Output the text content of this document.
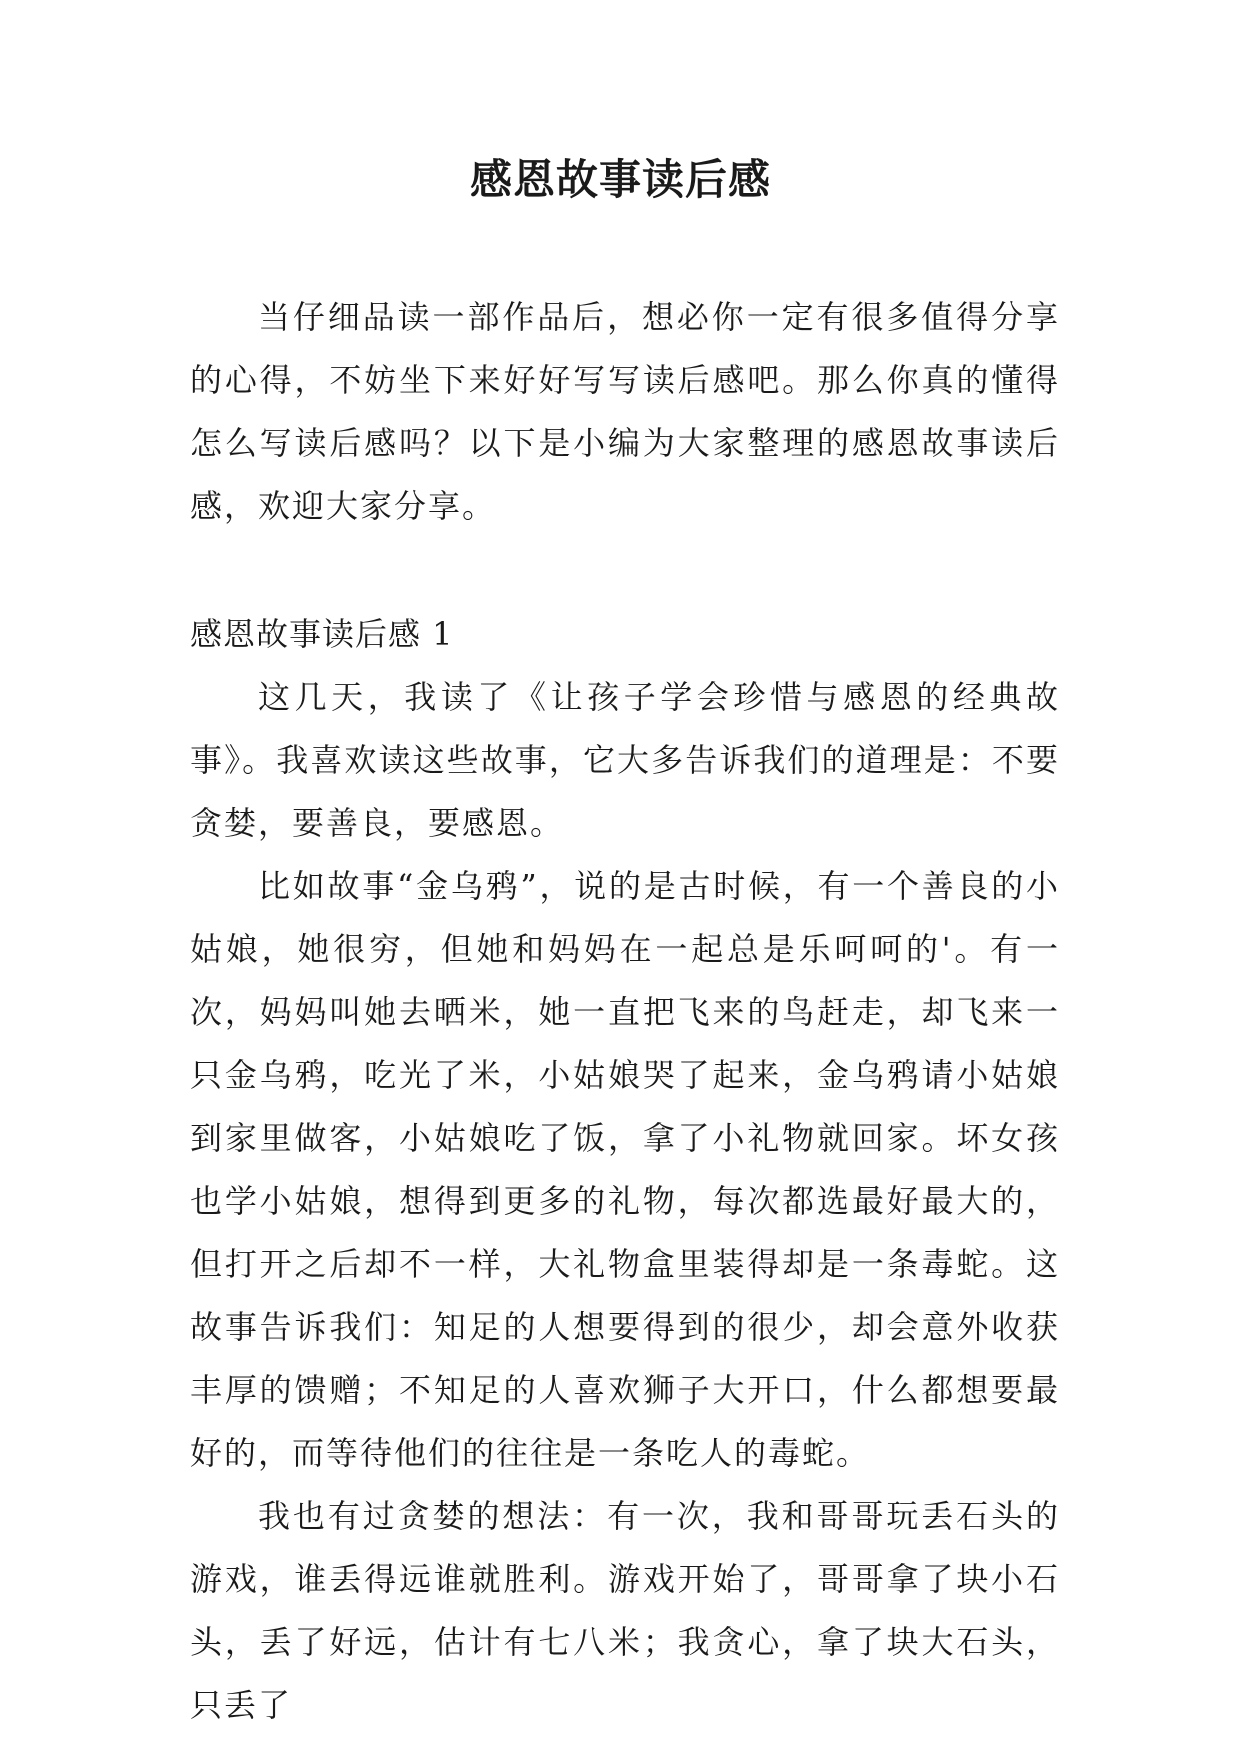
感恩故事读后感

当仔细品读一部作品后，想必你一定有很多值得分享的心得，不妨坐下来好好写写读后感吧。那么你真的懂得怎么写读后感吗？以下是小编为大家整理的感恩故事读后感，欢迎大家分享。

感恩故事读后感 1

这几天，我读了《让孩子学会珍惜与感恩的经典故事》。我喜欢读这些故事，它大多告诉我们的道理是：不要贪婪，要善良，要感恩。

比如故事“金乌鸦”，说的是古时候，有一个善良的小姑娘，她很穷，但她和妈妈在一起总是乐呵呵的'。有一次，妈妈叫她去晒米，她一直把飞来的鸟赶走，却飞来一只金乌鸦，吃光了米，小姑娘哭了起来，金乌鸦请小姑娘到家里做客，小姑娘吃了饭，拿了小礼物就回家。坏女孩也学小姑娘，想得到更多的礼物，每次都选最好最大的，但打开之后却不一样，大礼物盒里装得却是一条毒蛇。这故事告诉我们：知足的人想要得到的很少，却会意外收获丰厚的馈赠；不知足的人喜欢狮子大开口，什么都想要最好的，而等待他们的往往是一条吃人的毒蛇。

我也有过贪婪的想法：有一次，我和哥哥玩丢石头的游戏，谁丢得远谁就胜利。游戏开始了，哥哥拿了块小石头，丢了好远，估计有七八米；我贪心，拿了块大石头，只丢了
